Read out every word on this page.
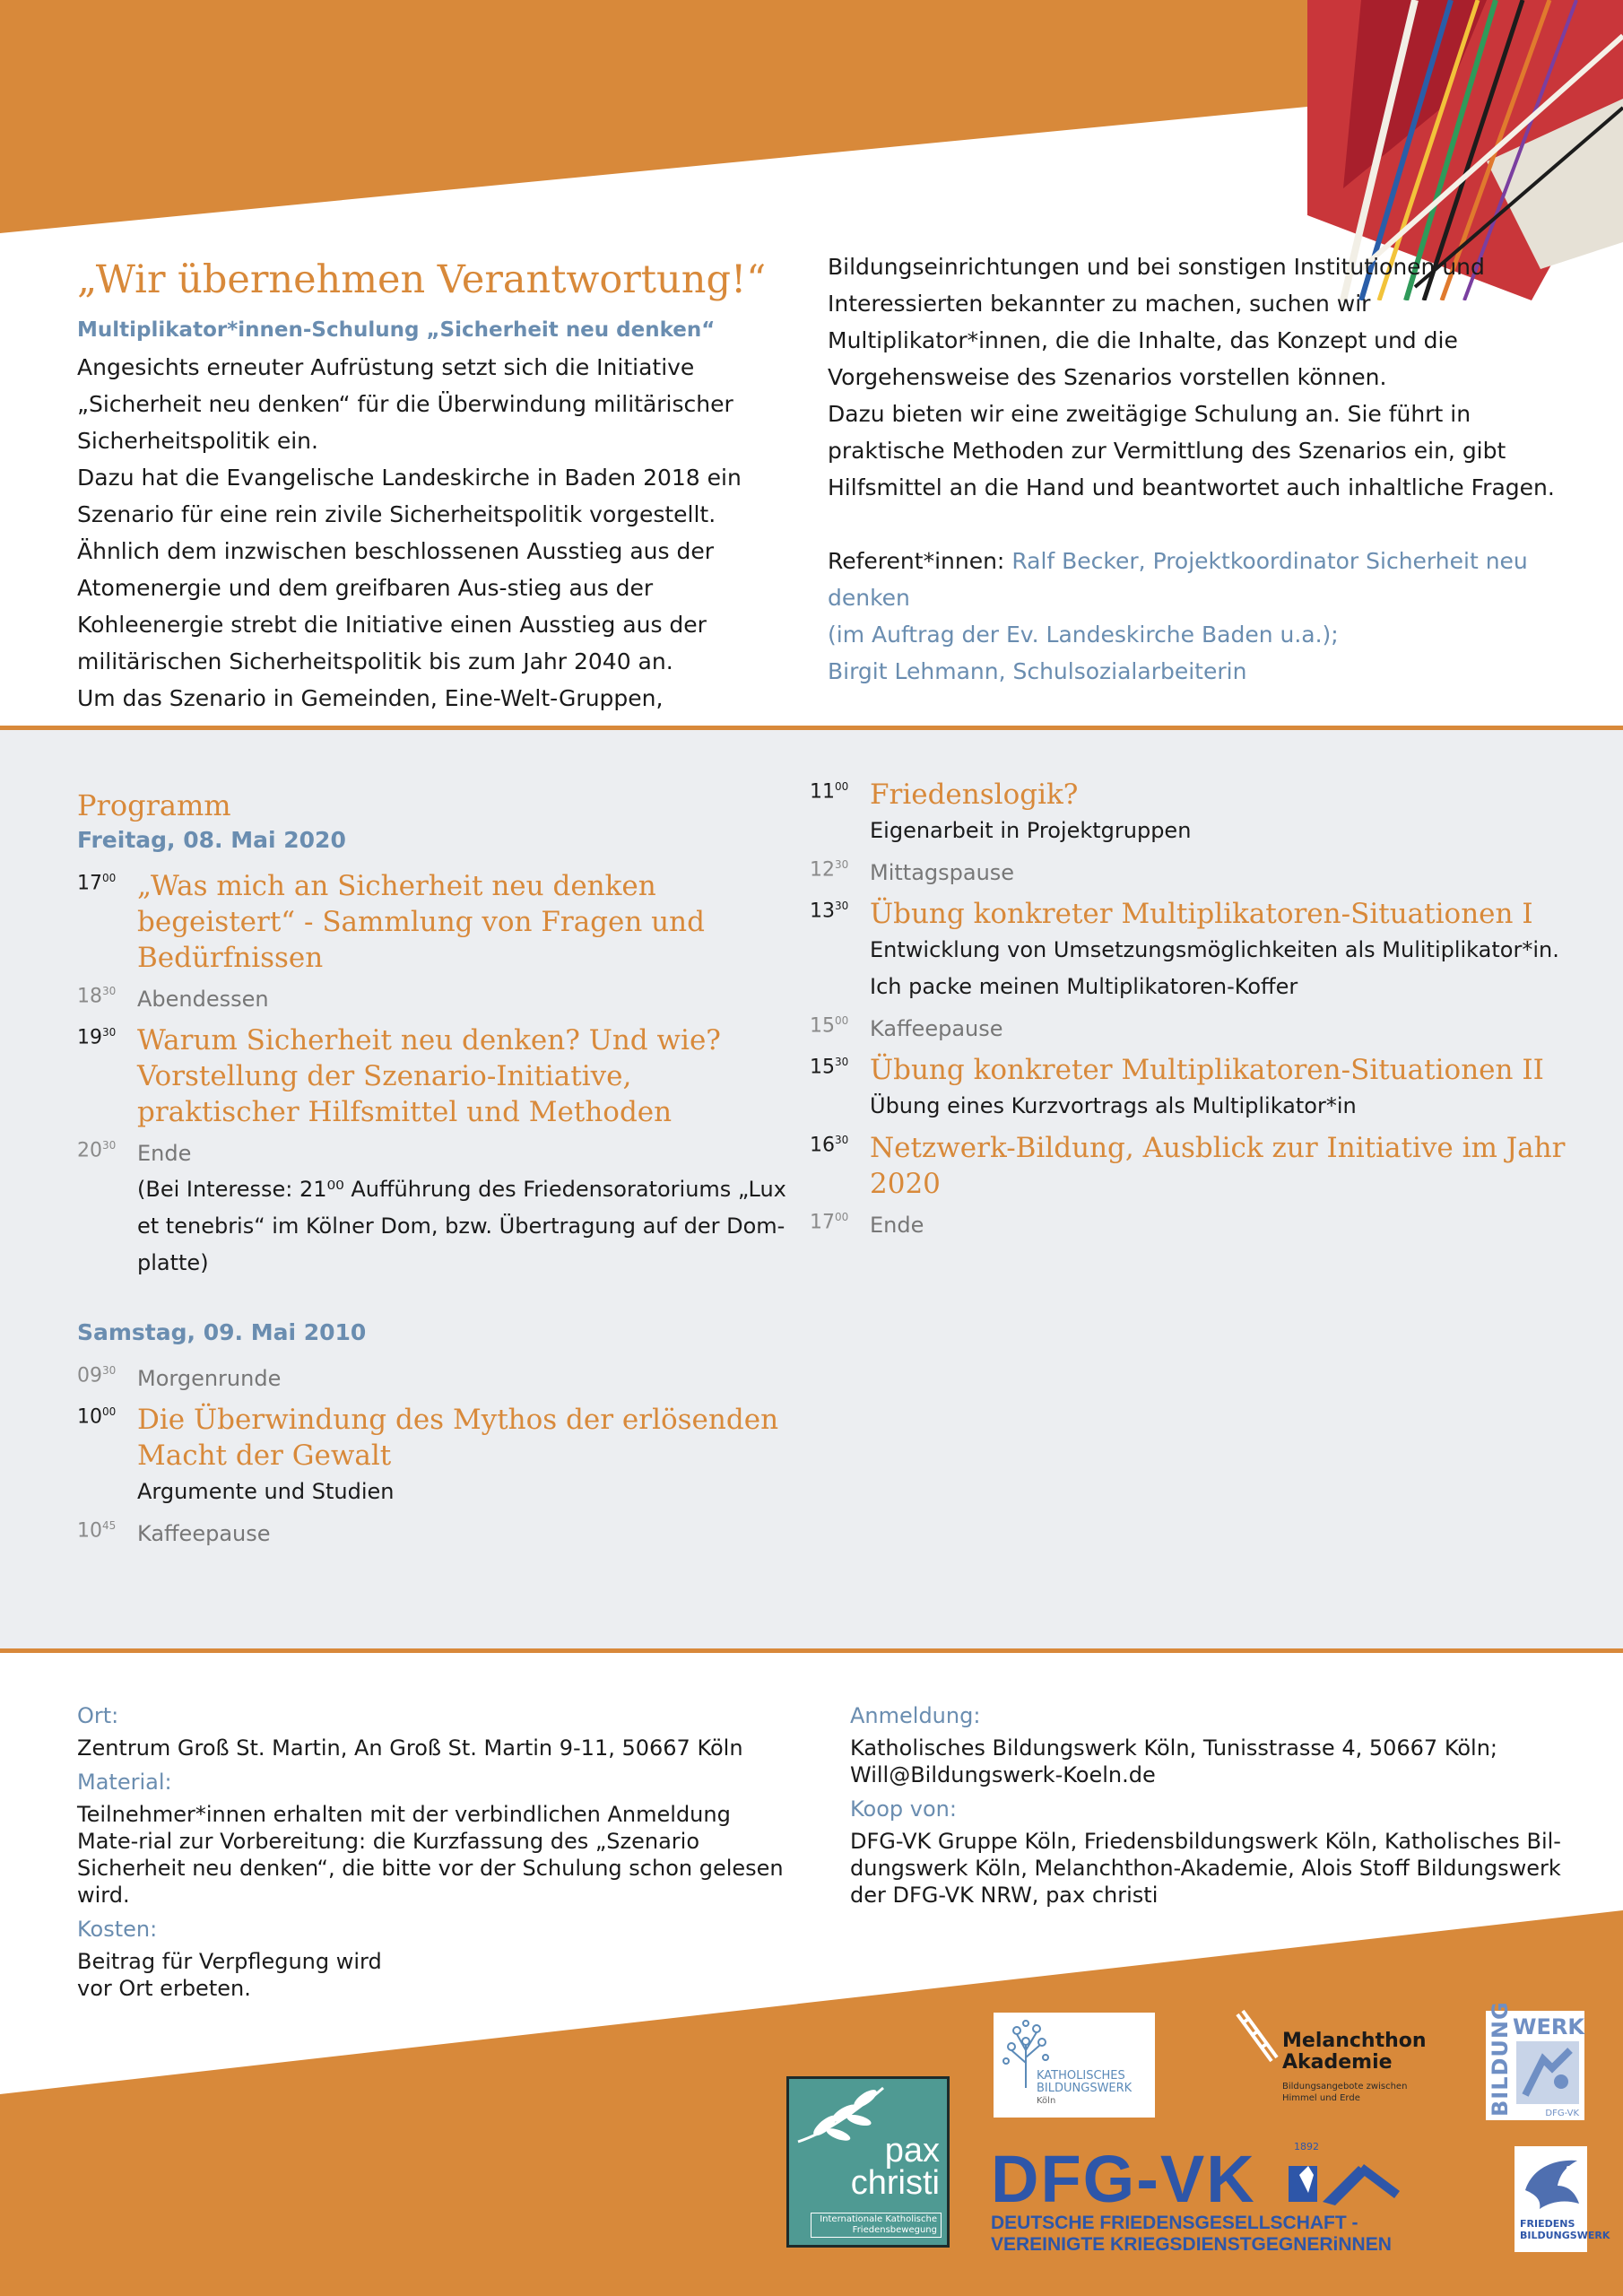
„Wir übernehmen Verantwortung!“
Multiplikator*innen-Schulung „Sicherheit neu denken“

Angesichts erneuter Aufrüstung setzt sich die Initiative „Sicherheit neu denken“ für die Überwindung militärischer Sicherheitspolitik ein.

Dazu hat die Evangelische Landeskirche in Baden 2018 ein Szenario für eine rein zivile Sicherheitspolitik vorgestellt. Ähnlich dem inzwischen beschlossenen Ausstieg aus der Atomenergie und dem greifbaren Aus-stieg aus der Kohleenergie strebt die Initiative einen Ausstieg aus der militärischen Sicherheitspolitik bis zum Jahr 2040 an.

Um das Szenario in Gemeinden, Eine-Welt-Gruppen,

Bildungseinrichtungen und bei sonstigen Institutionen und Interessierten bekannter zu machen, suchen wir Multiplikator*innen, die die Inhalte, das Konzept und die Vorgehensweise des Szenarios vorstellen können.

Dazu bieten wir eine zweitägige Schulung an. Sie führt in praktische Methoden zur Vermittlung des Szenarios ein, gibt Hilfsmittel an die Hand und beantwortet auch inhaltliche Fragen.

Referent*innen: Ralf Becker, Projektkoordinator Sicherheit neu denken
(im Auftrag der Ev. Landeskirche Baden u.a.);
Birgit Lehmann, Schulsozialarbeiterin

Programm
Freitag, 08. Mai 2020
$17^{00}$ „Was mich an Sicherheit neu denken begeistert“ - Sammlung von Fragen und Bedürfnissen
$18^{30}$ Abendessen
$19^{30}$ Warum Sicherheit neu denken? Und wie? Vorstellung der Szenario-Initiative, praktischer Hilfsmittel und Methoden
$20^{30}$ Ende
(Bei Interesse: 21⁰⁰ Aufführung des Friedensoratoriums „Lux et tenebris“ im Kölner Dom, bzw. Übertragung auf der Dom-platte)
Samstag, 09. Mai 2010
$09^{30}$ Morgenrunde
$10^{00}$ Die Überwindung des Mythos der erlösenden Macht der Gewalt
Argumente und Studien
$10^{45}$ Kaffeepause
$11^{00}$ Friedenslogik?
Eigenarbeit in Projektgruppen
$12^{30}$ Mittagspause
$13^{30}$ Übung konkreter Multiplikatoren-Situationen I
Entwicklung von Umsetzungsmöglichkeiten als Mulitiplikator*in. Ich packe meinen Multiplikatoren-Koffer
$15^{00}$ Kaffeepause
$15^{30}$ Übung konkreter Multiplikatoren-Situationen II
Übung eines Kurzvortrags als Multiplikator*in
$16^{30}$ Netzwerk-Bildung, Ausblick zur Initiative im Jahr 2020
$17^{00}$ Ende
Ort:
Zentrum Groß St. Martin, An Groß St. Martin 9-11, 50667 Köln
Material:
Teilnehmer*innen erhalten mit der verbindlichen Anmeldung Mate-rial zur Vorbereitung: die Kurzfassung des „Szenario Sicherheit neu denken“, die bitte vor der Schulung schon gelesen wird.
Kosten:
Beitrag für Verpflegung wird
vor Ort erbeten.
Anmeldung:
Katholisches Bildungswerk Köln, Tunisstrasse 4, 50667 Köln;
Will@Bildungswerk-Koeln.de
Koop von:
DFG-VK Gruppe Köln, Friedensbildungswerk Köln, Katholisches Bil-dungswerk Köln, Melanchthon-Akademie, Alois Stoff Bildungswerk der DFG-VK NRW, pax christi
pax
christi
Internationale Katholische
Friedensbewegung
KATHOLISCHES
BILDUNGSWERK
Köln
Melanchthon
Akademie
Bildungsangebote zwischen
Himmel und Erde	BILDUNG WERK
DFG-VK
DFG-VK	1892
DEUTSCHE FRIEDENSGESELLSCHAFT -
VEREINIGTE KRIEGSDIENSTGEGNERiNNEN
FRIEDENS
BILDUNGSWERK
